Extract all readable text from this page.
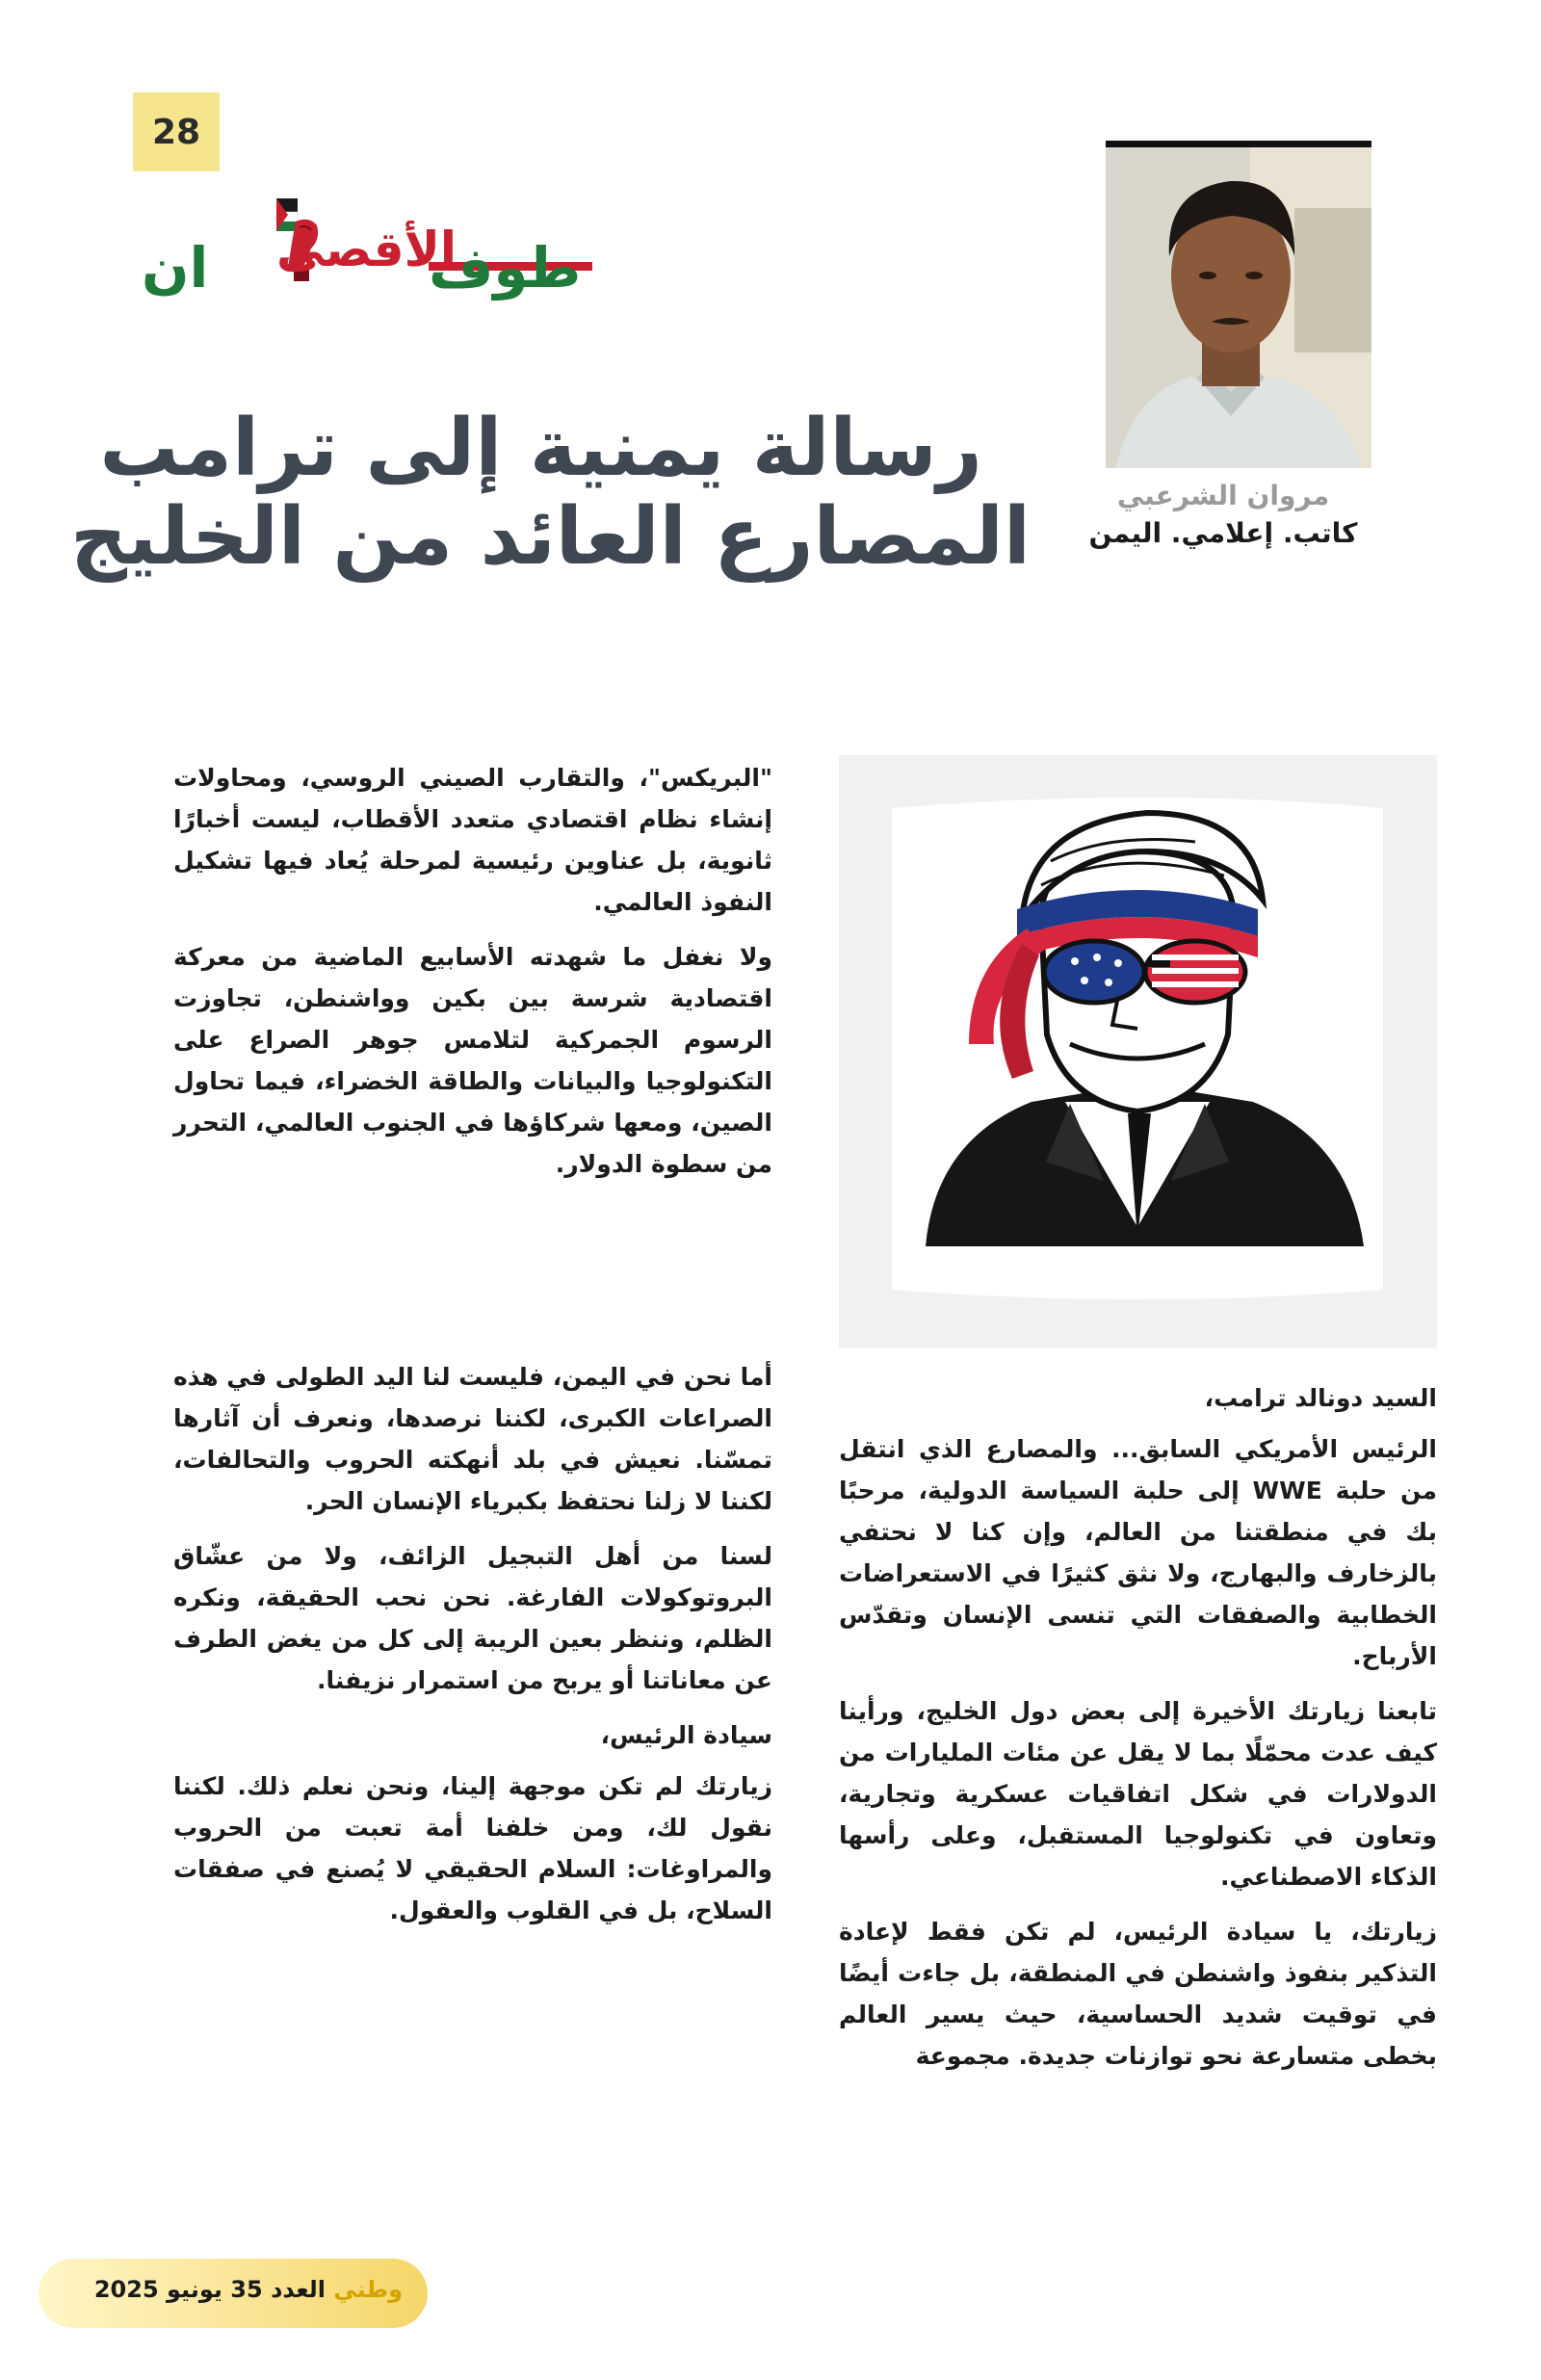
28
طوف
ان الأقصى
مروان الشرعبي
كاتب. إعلامي. اليمن
رسالة يمنية إلى ترامب
المصارع العائد من الخليج

"البريكس"، والتقارب الصيني الروسي، ومحاولات إنشاء نظام اقتصادي متعدد الأقطاب، ليست أخبارًا ثانوية، بل عناوين رئيسية لمرحلة يُعاد فيها تشكيل النفوذ العالمي.

ولا نغفل ما شهدته الأسابيع الماضية من معركة اقتصادية شرسة بين بكين وواشنطن، تجاوزت الرسوم الجمركية لتلامس جوهر الصراع على التكنولوجيا والبيانات والطاقة الخضراء، فيما تحاول الصين، ومعها شركاؤها في الجنوب العالمي، التحرر من سطوة الدولار.

أما نحن في اليمن، فليست لنا اليد الطولى في هذه الصراعات الكبرى، لكننا نرصدها، ونعرف أن آثارها تمسّنا. نعيش في بلد أنهكته الحروب والتحالفات، لكننا لا زلنا نحتفظ بكبرياء الإنسان الحر.

لسنا من أهل التبجيل الزائف، ولا من عشّاق البروتوكولات الفارغة. نحن نحب الحقيقة، ونكره الظلم، وننظر بعين الريبة إلى كل من يغض الطرف عن معاناتنا أو يربح من استمرار نزيفنا.

سيادة الرئيس،

زيارتك لم تكن موجهة إلينا، ونحن نعلم ذلك. لكننا نقول لك، ومن خلفنا أمة تعبت من الحروب والمراوغات: السلام الحقيقي لا يُصنع في صفقات السلاح، بل في القلوب والعقول.

السيد دونالد ترامب،

الرئيس الأمريكي السابق... والمصارع الذي انتقل من حلبة WWE إلى حلبة السياسة الدولية، مرحبًا بك في منطقتنا من العالم، وإن كنا لا نحتفي بالزخارف والبهارج، ولا نثق كثيرًا في الاستعراضات الخطابية والصفقات التي تنسى الإنسان وتقدّس الأرباح.

تابعنا زيارتك الأخيرة إلى بعض دول الخليج، ورأينا كيف عدت محمّلًا بما لا يقل عن مئات المليارات من الدولارات في شكل اتفاقيات عسكرية وتجارية، وتعاون في تكنولوجيا المستقبل، وعلى رأسها الذكاء الاصطناعي.

زيارتك، يا سيادة الرئيس، لم تكن فقط لإعادة التذكير بنفوذ واشنطن في المنطقة، بل جاءت أيضًا في توقيت شديد الحساسية، حيث يسير العالم بخطى متسارعة نحو توازنات جديدة. مجموعة

وطني العدد 35 يونيو 2025
